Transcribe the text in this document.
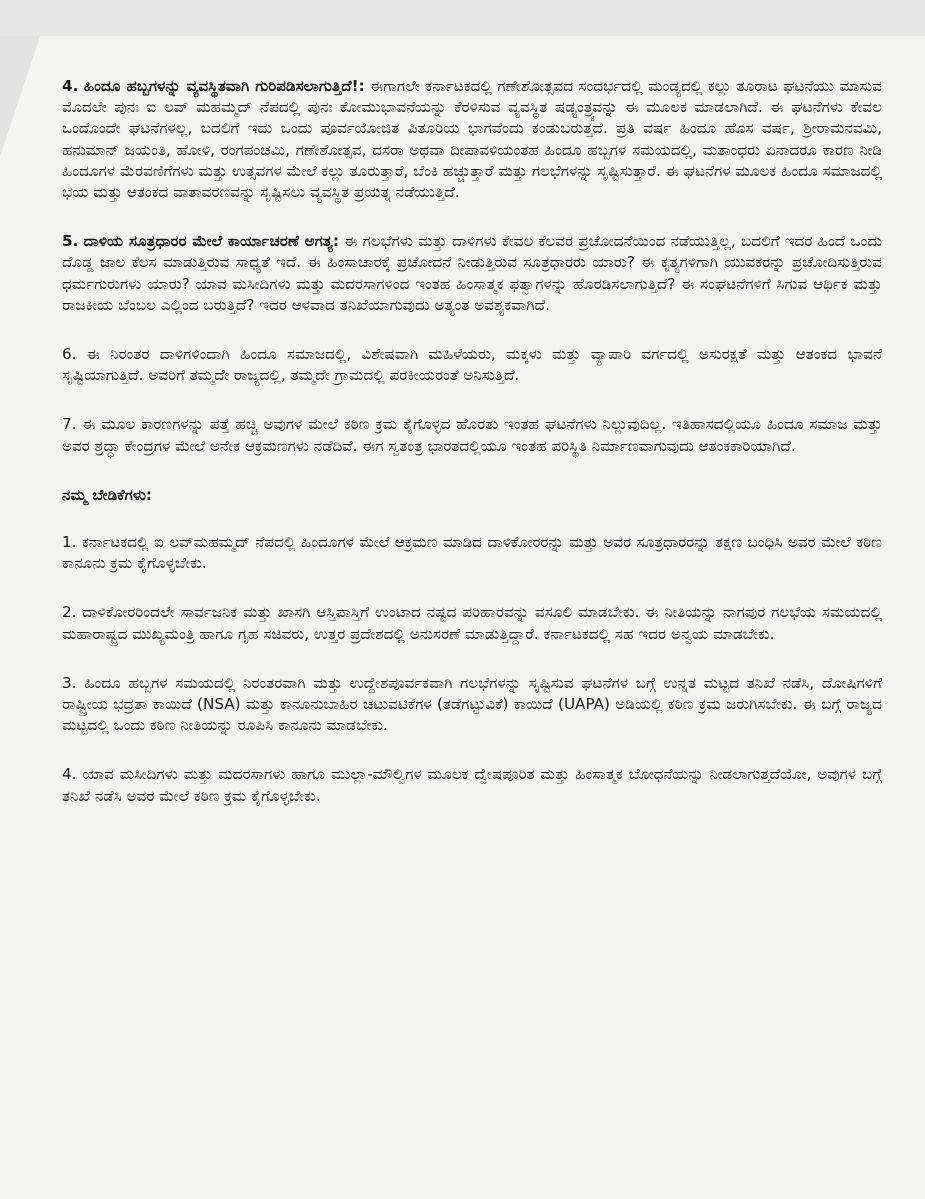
4. ಹಿಂದೂ ಹಬ್ಬಗಳನ್ನು ವ್ಯವಸ್ಥಿತವಾಗಿ ಗುರಿಪಡಿಸಲಾಗುತ್ತಿದೆ!: ಈಗಾಗಲೇ ಕರ್ನಾಟಕದಲ್ಲಿ ಗಣೇಶೋತ್ಸವದ ಸಂದರ್ಭದಲ್ಲಿ ಮಂಡ್ಯದಲ್ಲಿ ಕಲ್ಲು ತೂರಾಟ ಘಟನೆಯು ಮಾಸುವ ಮೊದಲೇ ಪುನಃ ಐ ಲವ್ ಮಹಮ್ಮದ್ ನೆಪದಲ್ಲಿ ಪುನಃ ಕೋಮುಭಾವನೆಯನ್ನು ಕೆರಳಿಸುವ ವ್ಯವಸ್ಥಿತ ಷಡ್ಯಂತ್ರ್ಯವನ್ನು ಈ ಮೂಲಕ ಮಾಡಲಾಗಿದೆ. ಈ ಘಟನೆಗಳು ಕೇವಲ ಒಂದೊಂದೇ ಘಟನೆಗಳಲ್ಲ, ಬದಲಿಗೆ ಇದು ಒಂದು ಪೂರ್ವಯೋಜಿತ ಪಿತೂರಿಯ ಭಾಗವೆಂದು ಕಂಡುಬರುತ್ತದೆ. ಪ್ರತಿ ವರ್ಷ ಹಿಂದೂ ಹೊಸ ವರ್ಷ, ಶ್ರೀರಾಮನವಮಿ, ಹನುಮಾನ್ ಜಯಂತಿ, ಹೋಳಿ, ರಂಗಪಂಚಮಿ, ಗಣೇಶೋತ್ಸವ, ದಸರಾ ಅಥವಾ ದೀಪಾವಳಿಯಂತಹ ಹಿಂದೂ ಹಬ್ಬಗಳ ಸಮಯದಲ್ಲಿ, ಮತಾಂಧರು ಏನಾದರೂ ಕಾರಣ ನೀಡಿ ಹಿಂದೂಗಳ ಮೆರವಣಿಗೆಗಳು ಮತ್ತು ಉತ್ಸವಗಳ ಮೇಲೆ ಕಲ್ಲು ತೂರುತ್ತಾರೆ, ಬೆಂಕಿ ಹಚ್ಚುತ್ತಾರೆ ಮತ್ತು ಗಲಭೆಗಳನ್ನು ಸೃಷ್ಟಿಸುತ್ತಾರೆ. ಈ ಘಟನೆಗಳ ಮೂಲಕ ಹಿಂದೂ ಸಮಾಜದಲ್ಲಿ ಭಯ ಮತ್ತು ಆತಂಕದ ವಾತಾವರಣವನ್ನು ಸೃಷ್ಟಿಸಲು ವ್ಯವಸ್ಥಿತ ಪ್ರಯತ್ನ ನಡೆಯುತ್ತಿದೆ.

5. ದಾಳಿಯ ಸೂತ್ರಧಾರರ ಮೇಲೆ ಕಾರ್ಯಾಚರಣೆ ಅಗತ್ಯ: ಈ ಗಲಭೆಗಳು ಮತ್ತು ದಾಳಿಗಳು ಕೇವಲ ಕೆಲವರ ಪ್ರಚೋದನೆಯಿಂದ ನಡೆಯುತ್ತಿಲ್ಲ, ಬದಲಿಗೆ ಇದರ ಹಿಂದೆ ಒಂದು ದೊಡ್ಡ ಜಾಲ ಕೆಲಸ ಮಾಡುತ್ತಿರುವ ಸಾಧ್ಯತೆ ಇದೆ. ಈ ಹಿಂಸಾಚಾರಕ್ಕೆ ಪ್ರಚೋದನೆ ನೀಡುತ್ತಿರುವ ಸೂತ್ರಧಾರರು ಯಾರು? ಈ ಕೃತ್ಯಗಳಿಗಾಗಿ ಯುವಕರನ್ನು ಪ್ರಚೋದಿಸುತ್ತಿರುವ ಧರ್ಮಗುರುಗಳು ಯಾರು? ಯಾವ ಮಸೀದಿಗಳು ಮತ್ತು ಮದರಸಾಗಳಿಂದ ಇಂತಹ ಹಿಂಸಾತ್ಮಕ ಫತ್ವಾಗಳನ್ನು ಹೊರಡಿಸಲಾಗುತ್ತಿದೆ? ಈ ಸಂಘಟನೆಗಳಿಗೆ ಸಿಗುವ ಆರ್ಥಿಕ ಮತ್ತು ರಾಜಕೀಯ ಬೆಂಬಲ ಎಲ್ಲಿಂದ ಬರುತ್ತಿದೆ? ಇದರ ಆಳವಾದ ತನಿಖೆಯಾಗುವುದು ಅತ್ಯಂತ ಅವಶ್ಯಕವಾಗಿದೆ.

6. ಈ ನಿರಂತರ ದಾಳಿಗಳಿಂದಾಗಿ ಹಿಂದೂ ಸಮಾಜದಲ್ಲಿ, ವಿಶೇಷವಾಗಿ ಮಹಿಳೆಯರು, ಮಕ್ಕಳು ಮತ್ತು ವ್ಯಾಪಾರಿ ವರ್ಗದಲ್ಲಿ ಅಸುರಕ್ಷತೆ ಮತ್ತು ಆತಂಕದ ಭಾವನೆ ಸೃಷ್ಟಿಯಾಗುತ್ತಿದೆ. ಅವರಿಗೆ ತಮ್ಮದೇ ರಾಜ್ಯದಲ್ಲಿ, ತಮ್ಮದೇ ಗ್ರಾಮದಲ್ಲಿ ಪರಕೀಯರಂತೆ ಅನಿಸುತ್ತಿದೆ.

7. ಈ ಮೂಲ ಕಾರಣಗಳನ್ನು ಪತ್ತೆ ಹಚ್ಚಿ ಅವುಗಳ ಮೇಲೆ ಕಠಿಣ ಕ್ರಮ ಕೈಗೊಳ್ಳದ ಹೊರತು ಇಂತಹ ಘಟನೆಗಳು ನಿಲ್ಲುವುದಿಲ್ಲ. ಇತಿಹಾಸದಲ್ಲಿಯೂ ಹಿಂದೂ ಸಮಾಜ ಮತ್ತು ಅವರ ಶ್ರದ್ಧಾ ಕೇಂದ್ರಗಳ ಮೇಲೆ ಅನೇಕ ಆಕ್ರಮಣಗಳು ನಡೆದಿವೆ. ಈಗ ಸ್ವತಂತ್ರ ಭಾರತದಲ್ಲಿಯೂ ಇಂತಹ ಪರಿಸ್ಥಿತಿ ನಿರ್ಮಾಣವಾಗುವುದು ಆತಂಕಕಾರಿಯಾಗಿದೆ.

ನಮ್ಮ ಬೇಡಿಕೆಗಳು:

1. ಕರ್ನಾಟಕದಲ್ಲಿ ಐ ಲವ್‌ಮಹಮ್ಮದ್ ನೆಪದಲ್ಲಿ ಹಿಂದೂಗಳ ಮೇಲೆ ಆಕ್ರಮಣ ಮಾಡಿದ ದಾಳಿಕೋರರನ್ನು ಮತ್ತು ಅವರ ಸೂತ್ರಧಾರರನ್ನು ತಕ್ಷಣ ಬಂಧಿಸಿ ಅವರ ಮೇಲೆ ಕಠಿಣ ಕಾನೂನು ಕ್ರಮ ಕೈಗೊಳ್ಳಬೇಕು.

2. ದಾಳಿಕೋರರಿಂದಲೇ ಸಾರ್ವಜನಿಕ ಮತ್ತು ಖಾಸಗಿ ಆಸ್ತಿಪಾಸ್ತಿಗೆ ಉಂಟಾದ ನಷ್ಟದ ಪರಿಹಾರವನ್ನು ವಸೂಲಿ ಮಾಡಬೇಕು. ಈ ನೀತಿಯನ್ನು ನಾಗಪುರ ಗಲಭೆಯ ಸಮಯದಲ್ಲಿ ಮಹಾರಾಷ್ಟ್ರದ ಮುಖ್ಯಮಂತ್ರಿ ಹಾಗೂ ಗೃಹ ಸಚಿವರು, ಉತ್ತರ ಪ್ರದೇಶದಲ್ಲಿ ಅನುಸರಣೆ ಮಾಡುತ್ತಿದ್ದಾರೆ. ಕರ್ನಾಟಕದಲ್ಲಿ ಸಹ ಇದರ ಅನ್ವಯ ಮಾಡಬೇಕು.

3. ಹಿಂದೂ ಹಬ್ಬಗಳ ಸಮಯದಲ್ಲಿ ನಿರಂತರವಾಗಿ ಮತ್ತು ಉದ್ದೇಶಪೂರ್ವಕವಾಗಿ ಗಲಭೆಗಳನ್ನು ಸೃಷ್ಟಿಸುವ ಘಟನೆಗಳ ಬಗ್ಗೆ ಉನ್ನತ ಮಟ್ಟದ ತನಿಖೆ ನಡೆಸಿ, ದೋಷಿಗಳಿಗೆ ರಾಷ್ಟ್ರೀಯ ಭದ್ರತಾ ಕಾಯಿದೆ (NSA) ಮತ್ತು ಕಾನೂನುಬಾಹಿರ ಚಟುವಟಿಕೆಗಳ (ತಡೆಗಟ್ಟುವಿಕೆ) ಕಾಯಿದೆ (UAPA) ಅಡಿಯಲ್ಲಿ ಕಠಿಣ ಕ್ರಮ ಜರುಗಿಸಬೇಕು. ಈ ಬಗ್ಗೆ ರಾಜ್ಯದ ಮಟ್ಟದಲ್ಲಿ ಒಂದು ಕಠಿಣ ನೀತಿಯನ್ನು ರೂಪಿಸಿ ಕಾನೂನು ಮಾಡಬೇಕು.

4. ಯಾವ ಮಸೀದಿಗಳು ಮತ್ತು ಮದರಸಾಗಳು ಹಾಗೂ ಮುಲ್ಲಾ-ಮೌಲ್ವಿಗಳ ಮೂಲಕ ದ್ವೇಷಪೂರಿತ ಮತ್ತು ಹಿಂಸಾತ್ಮಕ ಬೋಧನೆಯನ್ನು ನೀಡಲಾಗುತ್ತದೆಯೋ, ಅವುಗಳ ಬಗ್ಗೆ ತನಿಖೆ ನಡೆಸಿ ಅವರ ಮೇಲೆ ಕಠಿಣ ಕ್ರಮ ಕೈಗೊಳ್ಳಬೇಕು.
